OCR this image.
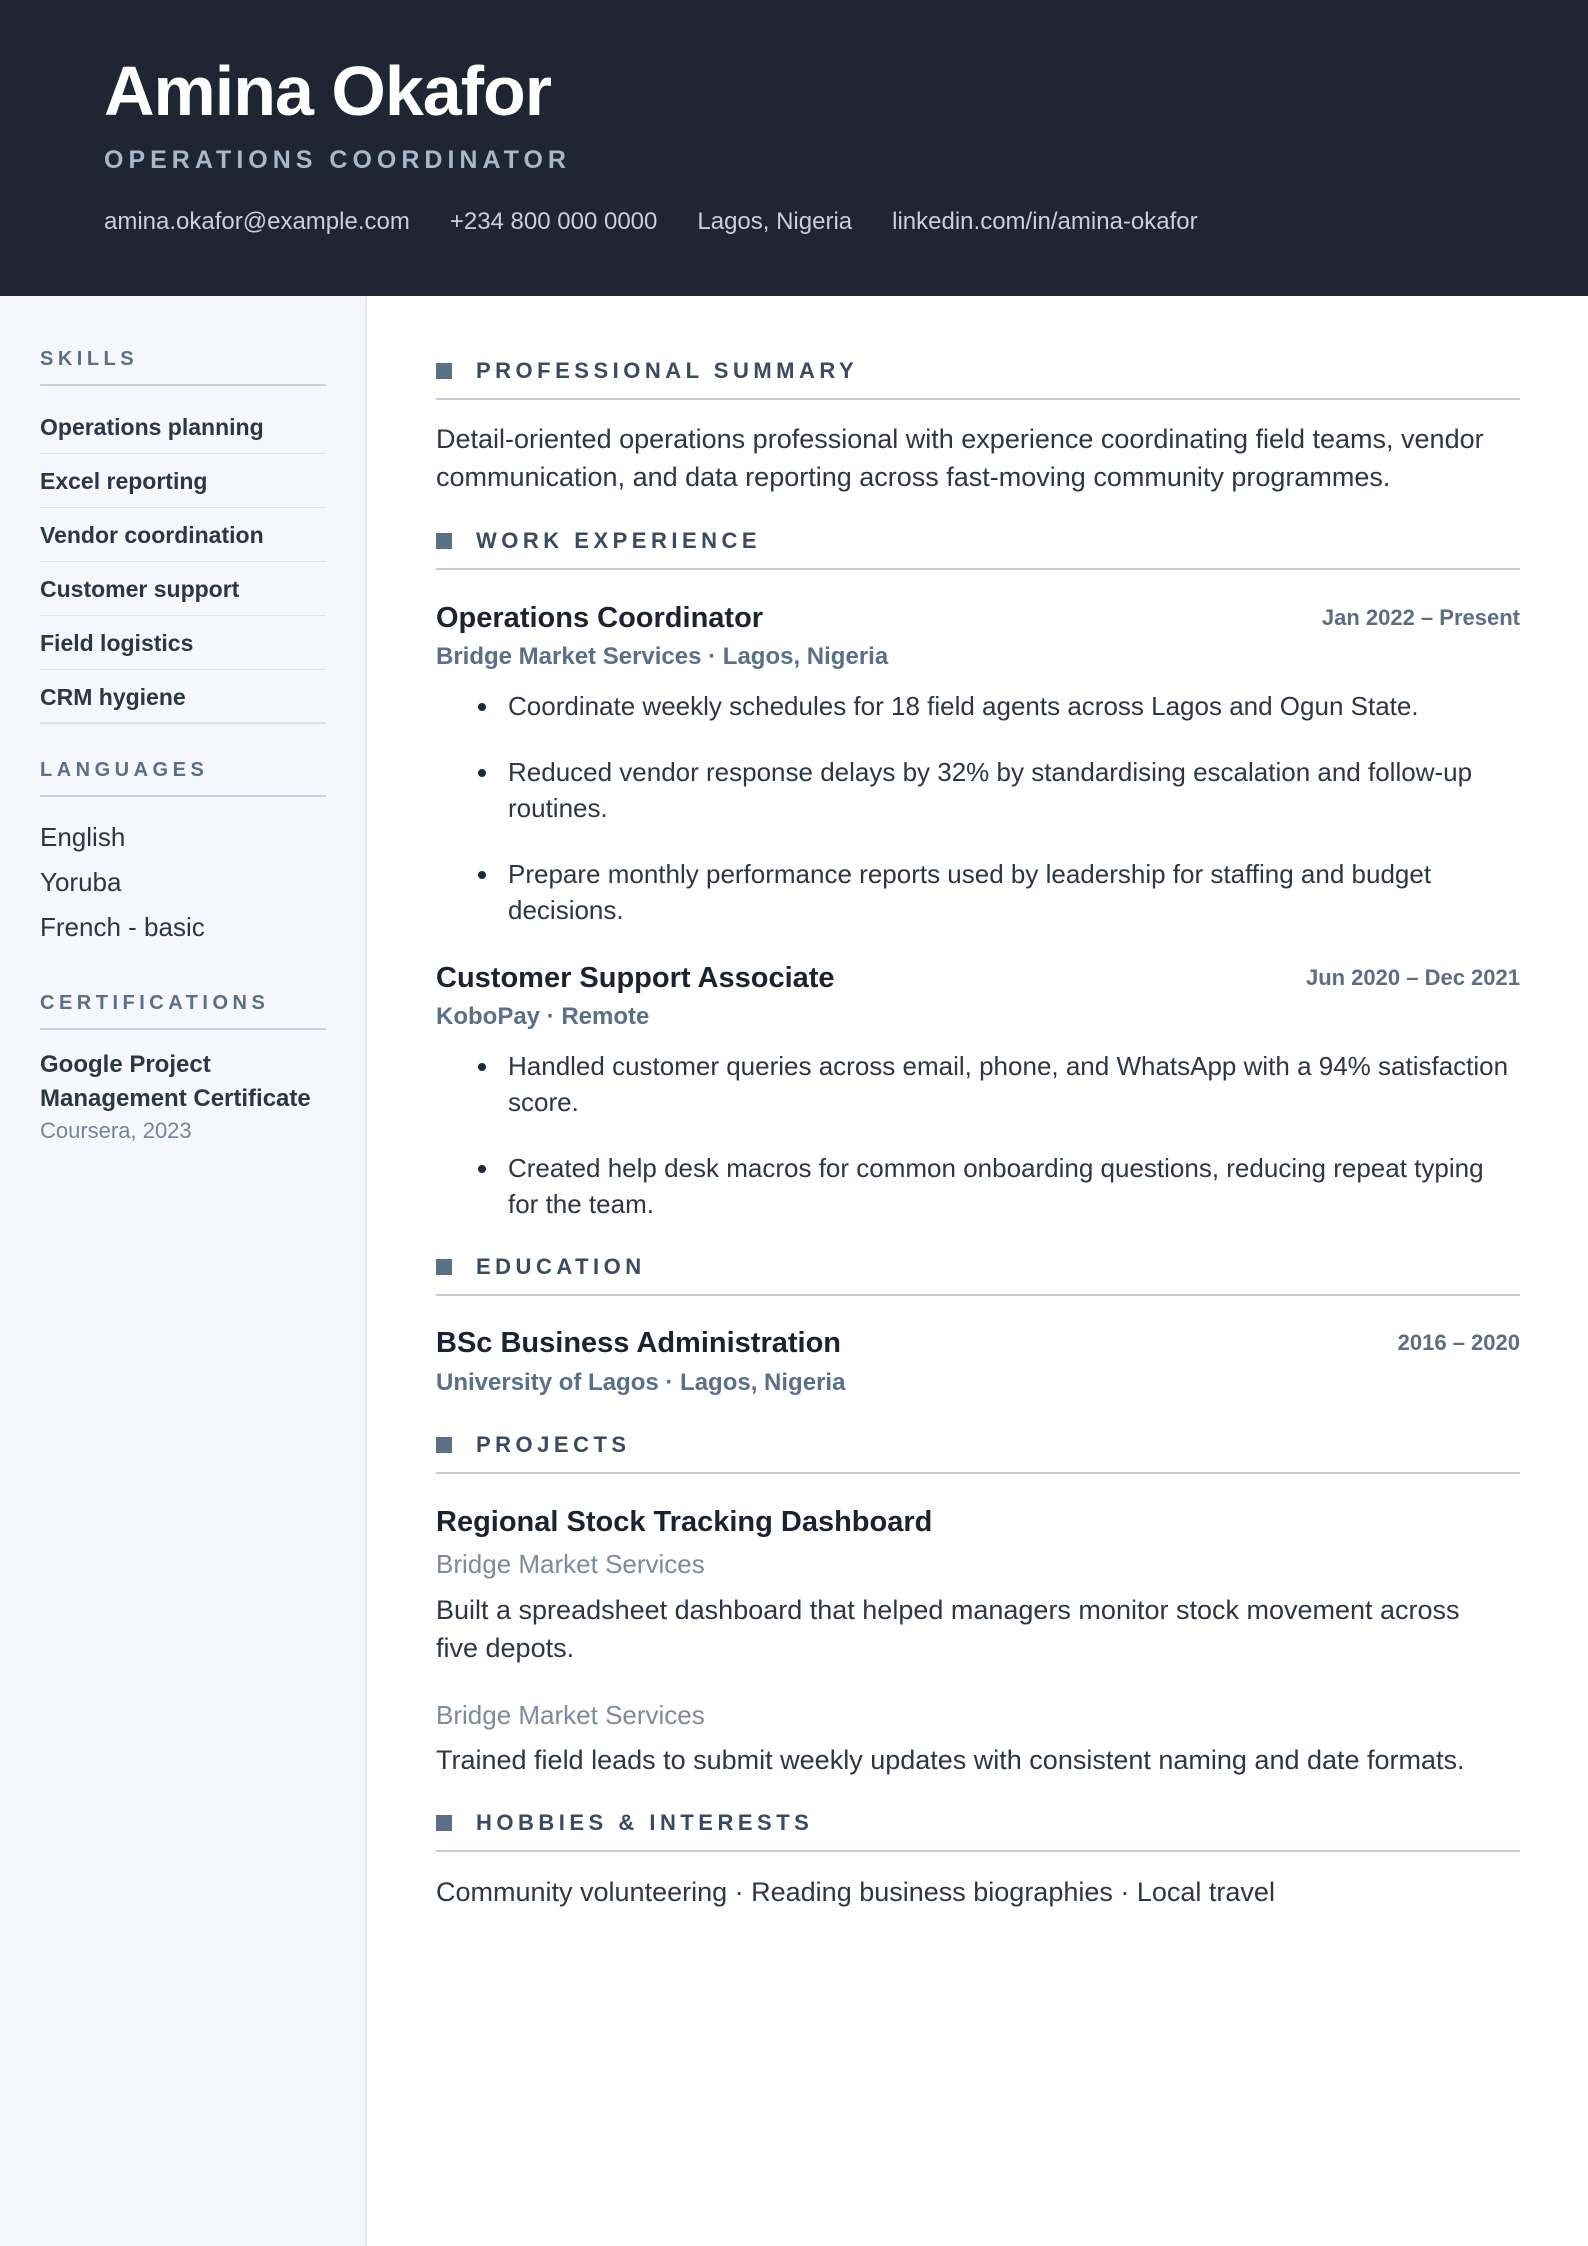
Amina Okafor
OPERATIONS COORDINATOR
amina.okafor@example.com +234 800 000 0000 Lagos, Nigeria linkedin.com/in/amina-okafor
SKILLS
Operations planning
Excel reporting
Vendor coordination
Customer support
Field logistics
CRM hygiene
LANGUAGES
English
Yoruba
French - basic
CERTIFICATIONS
Google Project Management Certificate
Coursera, 2023
PROFESSIONAL SUMMARY
Detail-oriented operations professional with experience coordinating field teams, vendor communication, and data reporting across fast-moving community programmes.
WORK EXPERIENCE
Operations Coordinator	Jan 2022 – Present
Bridge Market Services · Lagos, Nigeria
Coordinate weekly schedules for 18 field agents across Lagos and Ogun State.
Reduced vendor response delays by 32% by standardising escalation and follow-up routines.
Prepare monthly performance reports used by leadership for staffing and budget decisions.
Customer Support Associate	Jun 2020 – Dec 2021
KoboPay · Remote
Handled customer queries across email, phone, and WhatsApp with a 94% satisfaction score.
Created help desk macros for common onboarding questions, reducing repeat typing for the team.
EDUCATION
BSc Business Administration	2016 – 2020
University of Lagos · Lagos, Nigeria
PROJECTS
Regional Stock Tracking Dashboard
Bridge Market Services
Built a spreadsheet dashboard that helped managers monitor stock movement across five depots.
Bridge Market Services
Trained field leads to submit weekly updates with consistent naming and date formats.
HOBBIES & INTERESTS
Community volunteering · Reading business biographies · Local travel
